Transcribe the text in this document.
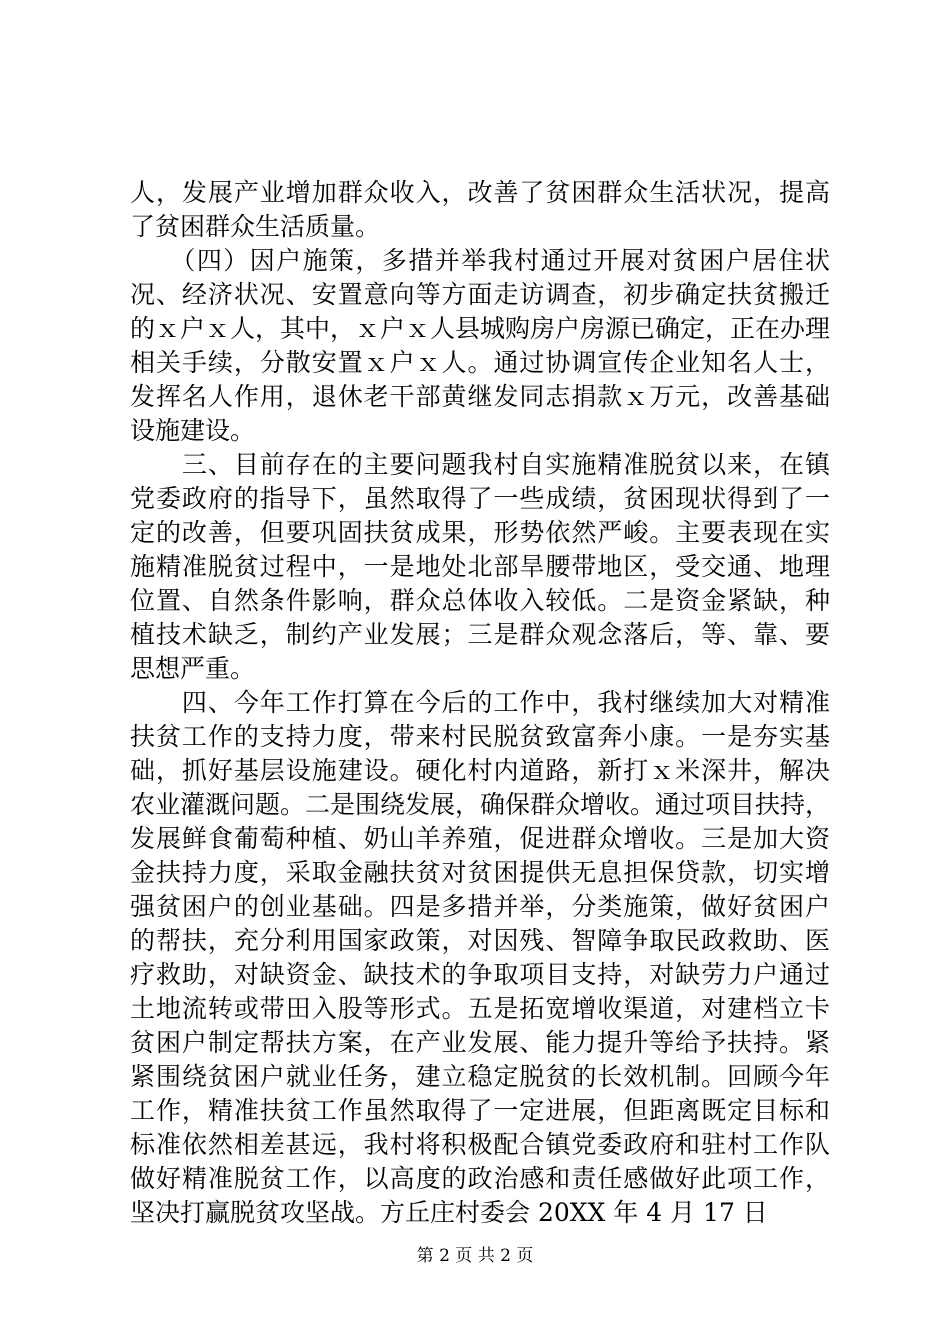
人，发展产业增加群众收入，改善了贫困群众生活状况，提高
了贫困群众生活质量。
　　（四）因户施策，多措并举我村通过开展对贫困户居住状
况、经济状况、安置意向等方面走访调查，初步确定扶贫搬迁
的ｘ户ｘ人，其中，ｘ户ｘ人县城购房户房源已确定，正在办理
相关手续，分散安置ｘ户ｘ人。通过协调宣传企业知名人士，
发挥名人作用，退休老干部黄继发同志捐款ｘ万元，改善基础
设施建设。
　　三、目前存在的主要问题我村自实施精准脱贫以来，在镇
党委政府的指导下，虽然取得了一些成绩，贫困现状得到了一
定的改善，但要巩固扶贫成果，形势依然严峻。主要表现在实
施精准脱贫过程中，一是地处北部旱腰带地区，受交通、地理
位置、自然条件影响，群众总体收入较低。二是资金紧缺，种
植技术缺乏，制约产业发展；三是群众观念落后，等、靠、要
思想严重。
　　四、今年工作打算在今后的工作中，我村继续加大对精准
扶贫工作的支持力度，带来村民脱贫致富奔小康。一是夯实基
础，抓好基层设施建设。硬化村内道路，新打ｘ米深井，解决
农业灌溉问题。二是围绕发展，确保群众增收。通过项目扶持，
发展鲜食葡萄种植、奶山羊养殖，促进群众增收。三是加大资
金扶持力度，采取金融扶贫对贫困提供无息担保贷款，切实增
强贫困户的创业基础。四是多措并举，分类施策，做好贫困户
的帮扶，充分利用国家政策，对因残、智障争取民政救助、医
疗救助，对缺资金、缺技术的争取项目支持，对缺劳力户通过
土地流转或带田入股等形式。五是拓宽增收渠道，对建档立卡
贫困户制定帮扶方案，在产业发展、能力提升等给予扶持。紧
紧围绕贫困户就业任务，建立稳定脱贫的长效机制。回顾今年
工作，精准扶贫工作虽然取得了一定进展，但距离既定目标和
标准依然相差甚远，我村将积极配合镇党委政府和驻村工作队
做好精准脱贫工作，以高度的政治感和责任感做好此项工作，
坚决打赢脱贫攻坚战。方丘庄村委会 20XX 年 4 月 17 日
第 2 页 共 2 页
